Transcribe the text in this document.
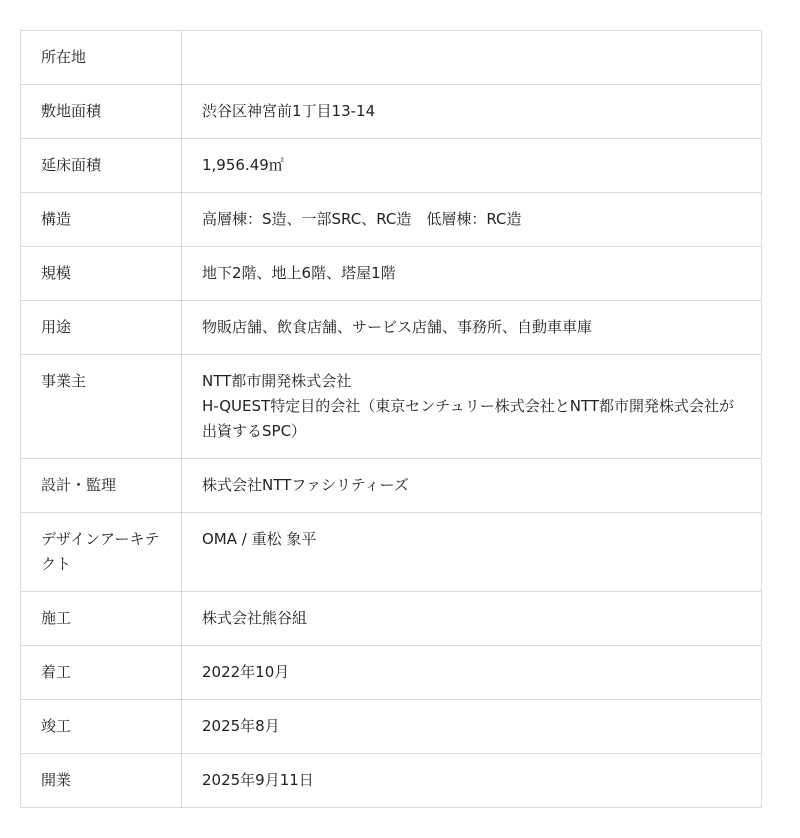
所在地	

敷地面積	渋谷区神宮前1丁目13-14

延床面積	1,956.49㎡

構造	高層棟：S造、一部SRC、RC造　低層棟：RC造

規模	地下2階、地上6階、塔屋1階

用途	物販店舗、飲食店舗、サービス店舗、事務所、自動車車庫

事業主	NTT都市開発株式会社
H-QUEST特定目的会社（東京センチュリー株式会社とNTT都市開発株式会社が出資するSPC）

設計・監理	株式会社NTTファシリティーズ

デザインアーキテクト	OMA / 重松 象平

施工	株式会社熊谷組

着工	2022年10月

竣工	2025年8月

開業	2025年9月11日
